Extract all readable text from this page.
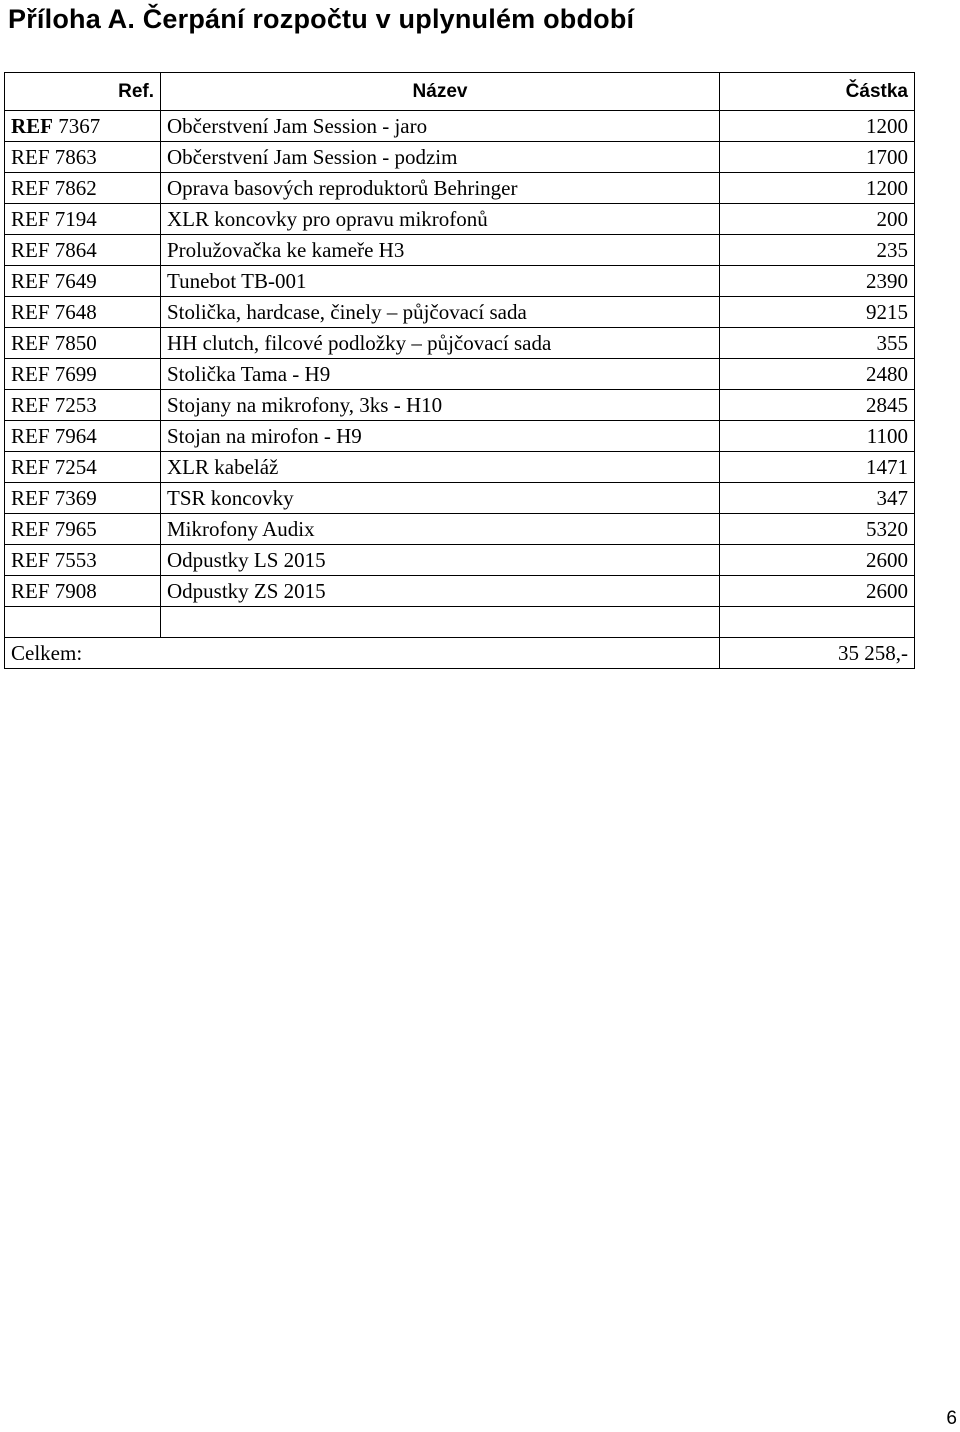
Příloha A. Čerpání rozpočtu v uplynulém období
Ref.	Název	Částka
REF 7367	Občerstvení Jam Session - jaro	1200
REF 7863	Občerstvení Jam Session - podzim	1700
REF 7862	Oprava basových reproduktorů Behringer	1200
REF 7194	XLR koncovky pro opravu mikrofonů	200
REF 7864	Prolužovačka ke kameře H3	235
REF 7649	Tunebot TB-001	2390
REF 7648	Stolička, hardcase, činely – půjčovací sada	9215
REF 7850	HH clutch, filcové podložky – půjčovací sada	355
REF 7699	Stolička Tama - H9	2480
REF 7253	Stojany na mikrofony, 3ks - H10	2845
REF 7964	Stojan na mirofon - H9	1100
REF 7254	XLR kabeláž	1471
REF 7369	TSR koncovky	347
REF 7965	Mikrofony Audix	5320
REF 7553	Odpustky LS 2015	2600
REF 7908	Odpustky ZS 2015	2600

Celkem:		35 258,-
6
